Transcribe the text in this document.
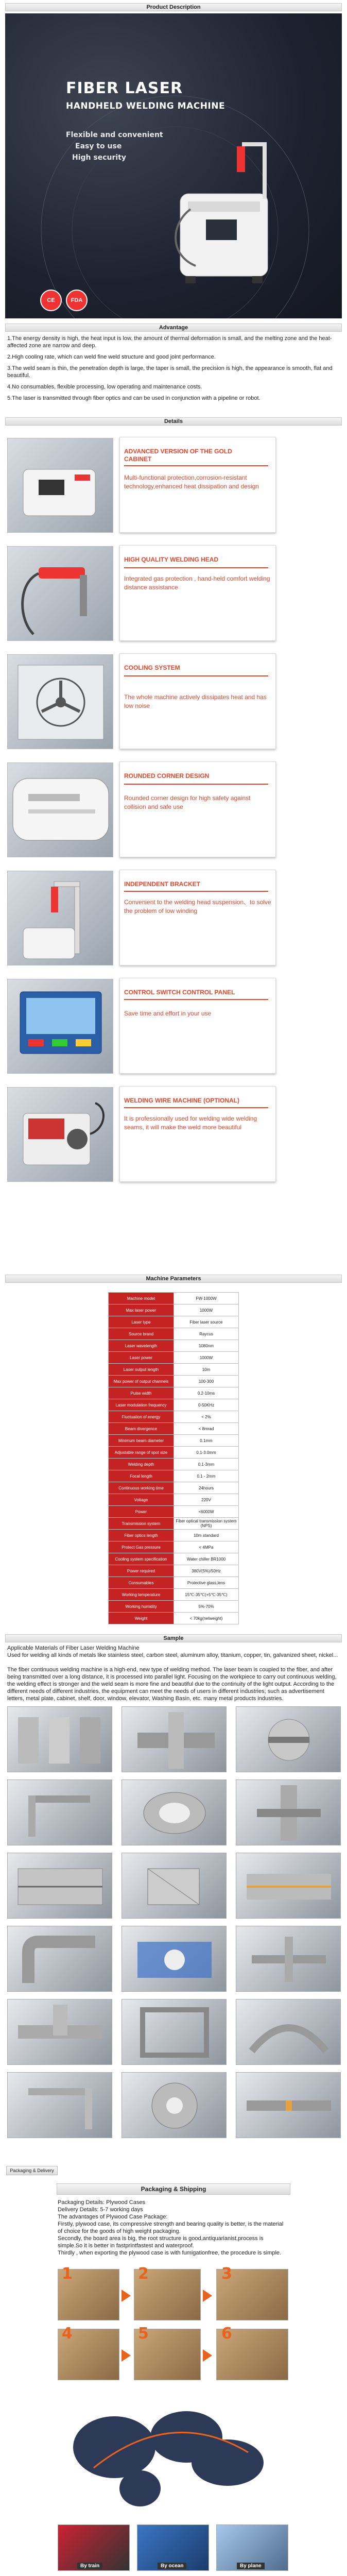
Product Description
FIBER LASER
HANDHELD WELDING MACHINE
Flexible and convenient
Easy to use
High security
CE	FDA
Advantage
1.The energy density is high, the heat input is low, the amount of thermal deformation is small, and the melting zone and the heat-affected zone are narrow and deep.
2.High cooling rate, which can weld fine weld structure and good joint performance.
3.The weld seam is thin, the penetration depth is large, the taper is small, the precision is high, the appearance is smooth, flat and beautiful.
4.No consumables, flexible processing, low operating and maintenance costs.
5.The laser is transmitted through fiber optics and can be used in conjunction with a pipeline or robot.
Details
ADVANCED VERSION OF THE GOLD CABINET
Multi-functional protection,corrosion-resistant technology,enhanced heat dissipation and design
HIGH QUALITY WELDING HEAD
Integrated gas protection , hand-held comfort welding distance assistance
COOLING SYSTEM
The whole machine actively dissipates heat and has low noise
ROUNDED CORNER DESIGN
Rounded corner design for high safety against collision and safe use
INDEPENDENT BRACKET
Convenient to the welding head suspension、to solve the problem of low winding
CONTROL SWITCH CONTROL PANEL
Save time and effort in your use
WELDING WIRE MACHINE (OPTIONAL)
It is professionally used for welding wide welding seams, it will make the weld more beautiful
Machine Parameters
Machine model	FW-1000W
Max laser power	1000W
Laser type	Fiber laser source
Source brand	Raycus
Laser wavelength	1080nm
Laser power	1000W
Laser output length	10m
Max power of output channels	100-300
Pulse width	0.2-10ms
Laser modulation frequency	0-50KHz
Fluctuation of energy	< 2%
Beam divergence	< 8mrad
Minimum beam diameter	0.1mm
Adjustable range of spot size	0.1-3.0mm
Welding depth	0.1-3mm
Focal length	0.1 - 2mm
Continuous working time	24hours
Voltage	220V
Power	<6000W
Transmission system	Fiber optical transmission system (NPS)
Fiber optics length	10m standard
Protect Gas pressure	< 4MPa
Cooling system specification	Water chiller BR1000
Power required	380V(5%)/50Hz
Consumables	Protective glass,lens
Working temperature	15℃-35℃(+5℃-35℃)
Working humidity	5%-70%
Weight	< 70kg(netweight)
Sample
Applicable Materials of Fiber Laser Welding Machine
Used for welding all kinds of metals like stainless steel, carbon steel, aluminum alloy, titanium, copper, tin, galvanized sheet, nickel...
The fiber continuous welding machine is a high-end, new type of welding method. The laser beam is coupled to the fiber, and after being transmitted over a long distance, it is processed into parallel light. Focusing on the workpiece to carry out continuous welding, the welding effect is stronger and the weld seam is more fine and beautiful due to the continuity of the light output. According to the different needs of different industries, the equipment can meet the needs of users in different industries; such as advertisement letters, metal plate, cabinet, shelf, door, window, elevator, Washing Basin, etc. many metal products industries.
Packaging & Delivery
Packaging & Shipping
Packaging Details: Plywood Cases
Delivery Details: 5-7 working days
The advantages of Plywood Case Package:
Firstly, plywood case, its compressive strength and bearing quality is better, is the material of choice for the goods of high weight packaging.
Secondly, the board area is big, the root structure is good,antiquarianist,process is simple.So it is better in fastprintfastest and waterproof.
Thirdly , when exporting the plywood case is with fumigationfree, the procedure is simple.
1	2	3
4	5	6
By train	By ocean	By plane
